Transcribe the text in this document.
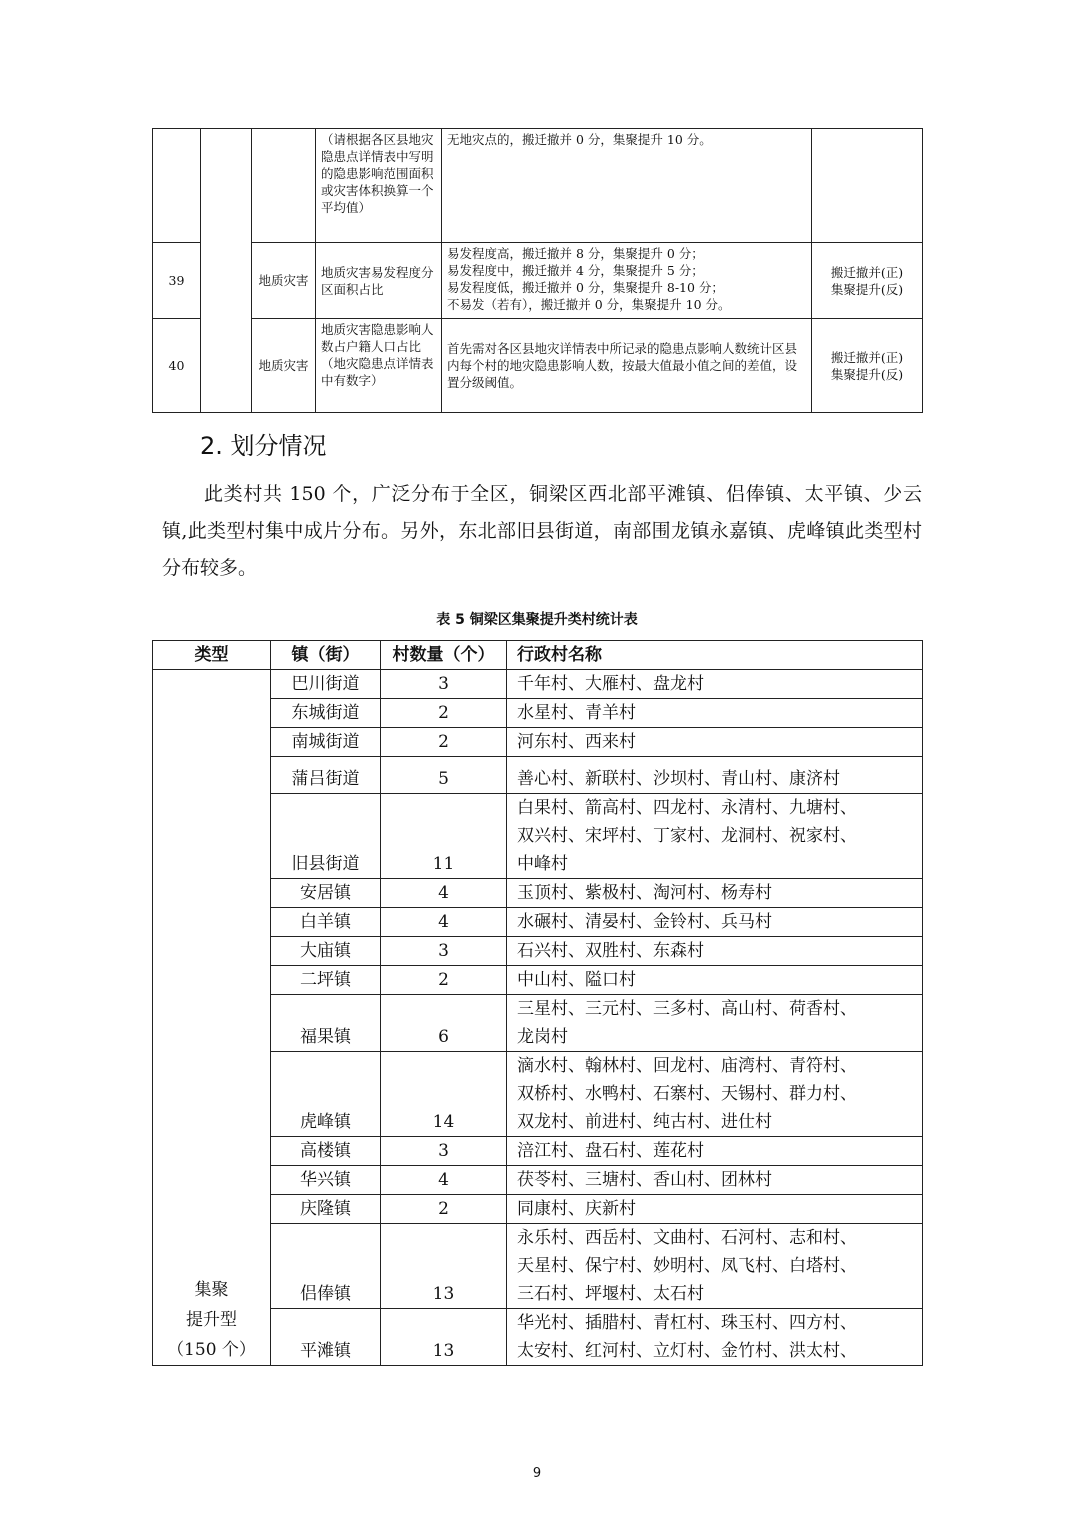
			（请根据各区县地灾隐患点详情表中写明的隐患影响范围面积或灾害体积换算一个平均值）	无地灾点的，搬迁撤并 0 分，集聚提升 10 分。	
39		地质灾害	地质灾害易发程度分区面积占比	易发程度高，搬迁撤并 8 分，集聚提升 0 分；
易发程度中，搬迁撤并 4 分，集聚提升 5 分；
易发程度低，搬迁撤并 0 分，集聚提升 8-10 分；
不易发（若有），搬迁撤并 0 分，集聚提升 10 分。	搬迁撤并(正)
集聚提升(反)
40		地质灾害	地质灾害隐患影响人数占户籍人口占比
（地灾隐患点详情表中有数字）	首先需对各区县地灾详情表中所记录的隐患点影响人数统计区县内每个村的地灾隐患影响人数，按最大值最小值之间的差值，设置分级阈值。	搬迁撤并(正)
集聚提升(反)
2. 划分情况
此类村共 150 个，广泛分布于全区，铜梁区西北部平滩镇、侣俸镇、太平镇、少云镇,此类型村集中成片分布。另外，东北部旧县街道，南部围龙镇永嘉镇、虎峰镇此类型村分布较多。
表 5 铜梁区集聚提升类村统计表
类型	镇（街）	村数量（个）	行政村名称
集聚
提升型
（150 个）	巴川街道	3	千年村、大雁村、盘龙村
	东城街道	2	水星村、青羊村
	南城街道	2	河东村、西来村
	蒲吕街道	5	善心村、新联村、沙坝村、青山村、康济村
	旧县街道	11	白果村、箭高村、四龙村、永清村、九塘村、
双兴村、宋坪村、丁家村、龙洞村、祝家村、
中峰村
	安居镇	4	玉顶村、紫极村、淘河村、杨寿村
	白羊镇	4	水碾村、清晏村、金铃村、兵马村
	大庙镇	3	石兴村、双胜村、东森村
	二坪镇	2	中山村、隘口村
	福果镇	6	三星村、三元村、三多村、高山村、荷香村、
龙岗村
	虎峰镇	14	滴水村、翰林村、回龙村、庙湾村、青符村、
双桥村、水鸭村、石寨村、天锡村、群力村、
双龙村、前进村、纯古村、进仕村
	高楼镇	3	涪江村、盘石村、莲花村
	华兴镇	4	茯苓村、三塘村、香山村、团林村
	庆隆镇	2	同康村、庆新村
	侣俸镇	13	永乐村、西岳村、文曲村、石河村、志和村、
天星村、保宁村、妙明村、凤飞村、白塔村、
三石村、坪堰村、太石村
	平滩镇	13	华光村、插腊村、青杠村、珠玉村、四方村、
太安村、红河村、立灯村、金竹村、洪太村、
9
